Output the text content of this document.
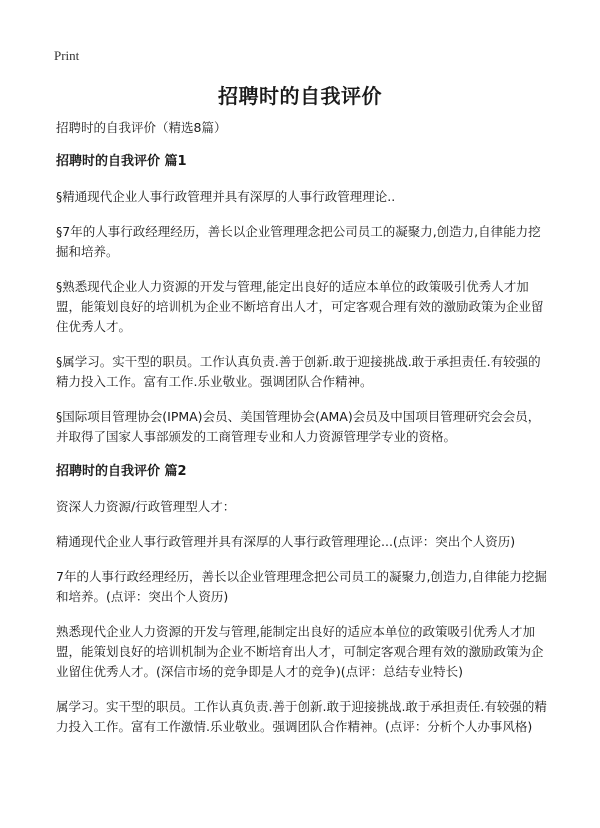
Print
招聘时的自我评价

招聘时的自我评价（精选8篇）

招聘时的自我评价 篇1

§精通现代企业人事行政管理并具有深厚的人事行政管理理论..

§7年的人事行政经理经历，善长以企业管理理念把公司员工的凝聚力,创造力,自律能力挖掘和培养。

§熟悉现代企业人力资源的开发与管理,能定出良好的适应本单位的政策吸引优秀人才加盟，能策划良好的培训机为企业不断培育出人才，可定客观合理有效的激励政策为企业留住优秀人才。

§属学习。实干型的职员。工作认真负责.善于创新.敢于迎接挑战.敢于承担责任.有较强的精力投入工作。富有工作.乐业敬业。强调团队合作精神。

§国际项目管理协会(IPMA)会员、美国管理协会(AMA)会员及中国项目管理研究会会员，并取得了国家人事部颁发的工商管理专业和人力资源管理学专业的资格。

招聘时的自我评价 篇2

资深人力资源/行政管理型人才：

精通现代企业人事行政管理并具有深厚的人事行政管理理论...(点评：突出个人资历)

7年的人事行政经理经历，善长以企业管理理念把公司员工的凝聚力,创造力,自律能力挖掘和培养。(点评：突出个人资历)

熟悉现代企业人力资源的开发与管理,能制定出良好的适应本单位的政策吸引优秀人才加盟，能策划良好的培训机制为企业不断培育出人才，可制定客观合理有效的激励政策为企业留住优秀人才。(深信市场的竞争即是人才的竞争)(点评：总结专业特长)

属学习。实干型的职员。工作认真负责.善于创新.敢于迎接挑战.敢于承担责任.有较强的精力投入工作。富有工作激情.乐业敬业。强调团队合作精神。(点评：分析个人办事风格)
